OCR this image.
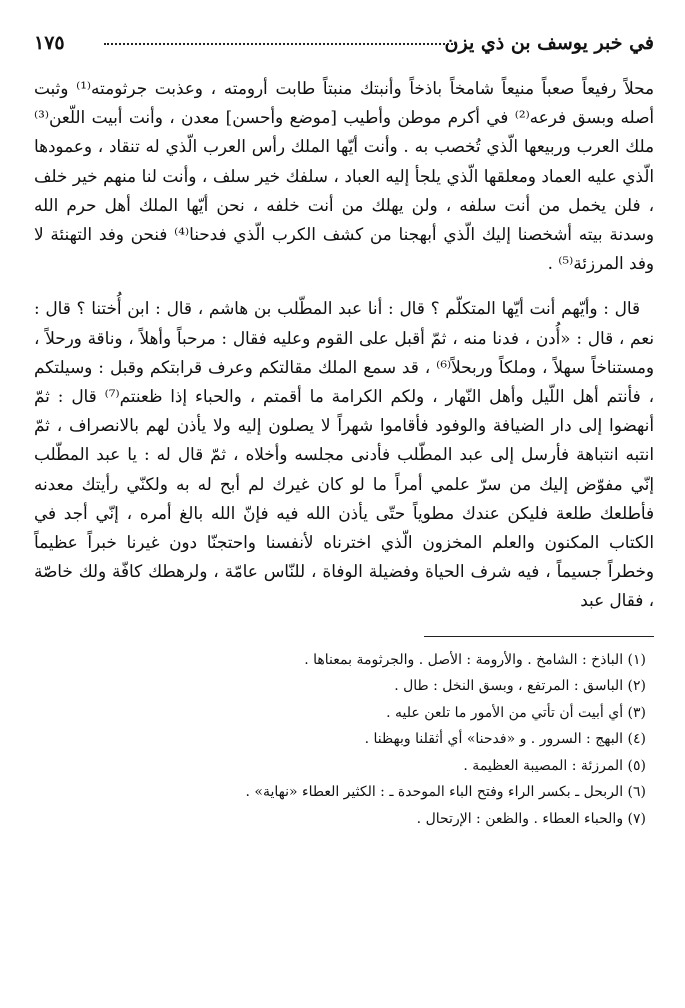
في خبر يوسف بن ذي يزن
١٧٥

محلاً رفيعاً صعباً منيعاً شامخاً باذخاً وأنبتك منبتاً طابت أرومته ، وعذبت جرثومته⁽¹⁾ وثبت أصله وبسق فرعه⁽²⁾ في أكرم موطن وأطيب [موضع وأحسن] معدن ، وأنت أبيت اللّعن⁽³⁾ ملك العرب وربيعها الّذي تُخصب به . وأنت أيّها الملك رأس العرب الّذي له تنقاد ، وعمودها الّذي عليه العماد ومعلقها الّذي يلجأ إليه العباد ، سلفك خير سلف ، وأنت لنا منهم خير خلف ، فلن يخمل من أنت سلفه ، ولن يهلك من أنت خلفه ، نحن أيّها الملك أهل حرم الله وسدنة بيته أشخصنا إليك الّذي أبهجنا من كشف الكرب الّذي فدحنا⁽⁴⁾ فنحن وفد التهنئة لا وفد المرزئة⁽⁵⁾ .

قال : وأيّهم أنت أيّها المتكلّم ؟ قال : أنا عبد المطّلب بن هاشم ، قال : ابن أُختنا ؟ قال : نعم ، قال : «أُدن ، فدنا منه ، ثمّ أقبل على القوم وعليه فقال : مرحباً وأهلاً ، وناقة ورحلاً ، ومستناخاً سهلاً ، وملكاً وربحلاً⁽⁶⁾ ، قد سمع الملك مقالتكم وعرف قرابتكم وقبل : وسيلتكم ، فأنتم أهل اللّيل وأهل النّهار ، ولكم الكرامة ما أقمتم ، والحباء إذا ظعنتم⁽⁷⁾ قال : ثمّ أنهضوا إلى دار الضيافة والوفود فأقاموا شهراً لا يصلون إليه ولا يأذن لهم بالانصراف ، ثمّ انتبه انتباهة فأرسل إلى عبد المطّلب فأدنى مجلسه وأخلاه ، ثمّ قال له : يا عبد المطّلب إنّي مفوّض إليك من سرّ علمي أمراً ما لو كان غيرك لم أبح له به ولكنّي رأيتك معدنه فأطلعك طلعة فليكن عندك مطوياً حتّى يأذن الله فيه فإنّ الله بالغ أمره ، إنّي أجد في الكتاب المكنون والعلم المخزون الّذي اخترناه لأنفسنا واحتجنّا دون غيرنا خبراً عظيماً وخطراً جسيماً ، فيه شرف الحياة وفضيلة الوفاة ، للنّاس عامّة ، ولرهطك كافّة ولك خاصّة ، فقال عبد

(١) الباذخ : الشامخ . والأرومة : الأصل . والجرثومة بمعناها .
(٢) الباسق : المرتفع ، وبسق النخل : طال .
(٣) أي أبيت أن تأتي من الأمور ما تلعن عليه .
(٤) البهج : السرور . و «فدحنا» أي أثقلنا وبهظنا .
(٥) المرزئة : المصيبة العظيمة .
(٦) الربحل ـ بكسر الراء وفتح الباء الموحدة ـ : الكثير العطاء «نهاية» .
(٧) والحباء العطاء . والظعن : الإرتحال .
